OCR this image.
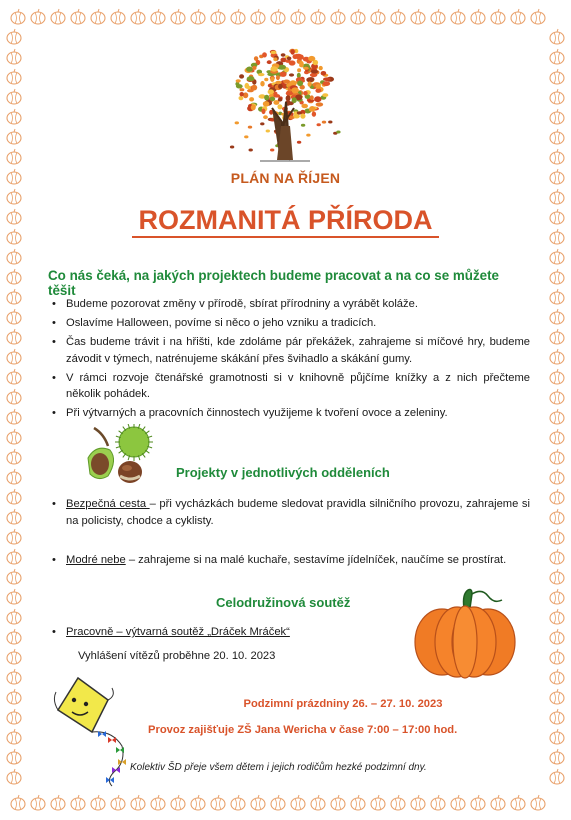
PLÁN NA ŘÍJEN
ROZMANITÁ PŘÍRODA
Co nás čeká, na jakých projektech budeme pracovat a na co se můžete těšit
• Budeme pozorovat změny v přírodě, sbírat přírodniny a vyrábět koláže.
• Oslavíme Halloween, povíme si něco o jeho vzniku a tradicích.
• Čas budeme trávit i na hřišti, kde zdoláme pár překážek, zahrajeme si míčové hry, budeme závodit v týmech, natrénujeme skákání přes švihadlo a skákání gumy.
• V rámci rozvoje čtenářské gramotnosti si v knihovně půjčíme knížky a z nich přečteme několik pohádek.
• Při výtvarných a pracovních činnostech využijeme k tvoření ovoce a zeleniny.
Projekty v jednotlivých odděleních
• Bezpečná cesta – při vycházkách budeme sledovat pravidla silničního provozu, zahrajeme si na policisty, chodce a cyklisty.
• Modré nebe – zahrajeme si na malé kuchaře, sestavíme jídelníček, naučíme se prostírat.
Celodružinová soutěž
• Pracovně – výtvarná soutěž „Dráček Mráček“
Vyhlášení vítězů proběhne 20. 10. 2023
Podzimní prázdniny 26. – 27. 10. 2023
Provoz zajišťuje ZŠ Jana Wericha v čase 7:00 – 17:00 hod.
Kolektiv ŠD přeje všem dětem i jejich rodičům hezké podzimní dny.
